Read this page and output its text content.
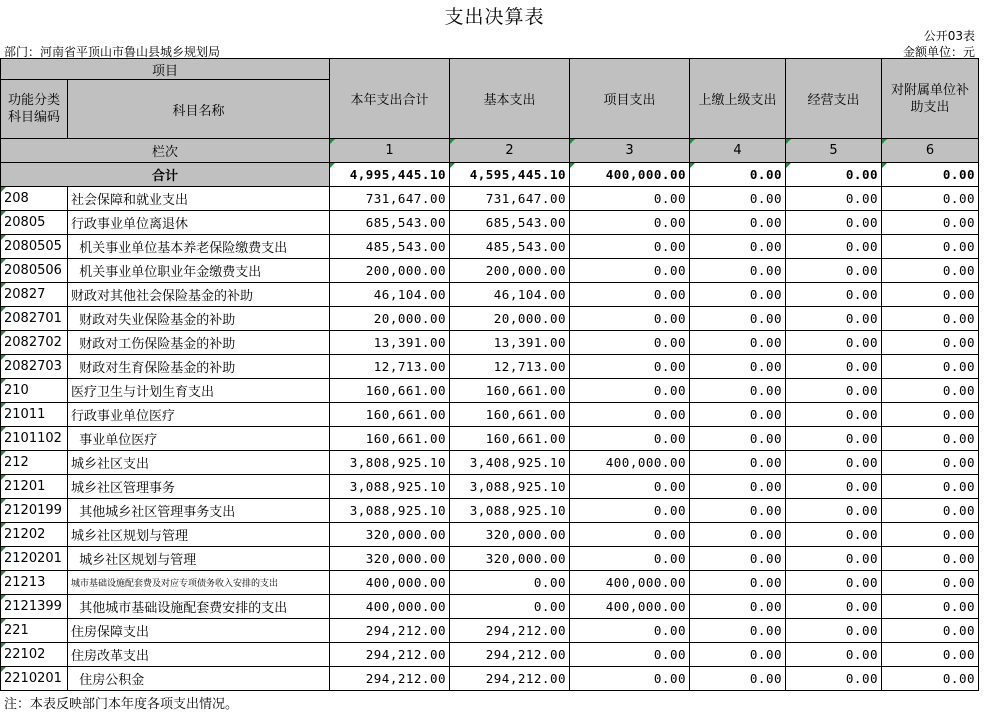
支出决算表
公开03表
部门：河南省平顶山市鲁山县城乡规划局	金额单位：元
项目		本年支出合计	基本支出	项目支出	上缴上级支出	经营支出	对附属单位补助支出
功能分类科目编码	科目名称						
栏次		1	2	3	4	5	6
合计		4,995,445.10	4,595,445.10	400,000.00	0.00	0.00	0.00
208	社会保障和就业支出	731,647.00	731,647.00	0.00	0.00	0.00	0.00
20805	行政事业单位离退休	685,543.00	685,543.00	0.00	0.00	0.00	0.00
2080505	机关事业单位基本养老保险缴费支出	485,543.00	485,543.00	0.00	0.00	0.00	0.00
2080506	机关事业单位职业年金缴费支出	200,000.00	200,000.00	0.00	0.00	0.00	0.00
20827	财政对其他社会保险基金的补助	46,104.00	46,104.00	0.00	0.00	0.00	0.00
2082701	财政对失业保险基金的补助	20,000.00	20,000.00	0.00	0.00	0.00	0.00
2082702	财政对工伤保险基金的补助	13,391.00	13,391.00	0.00	0.00	0.00	0.00
2082703	财政对生育保险基金的补助	12,713.00	12,713.00	0.00	0.00	0.00	0.00
210	医疗卫生与计划生育支出	160,661.00	160,661.00	0.00	0.00	0.00	0.00
21011	行政事业单位医疗	160,661.00	160,661.00	0.00	0.00	0.00	0.00
2101102	事业单位医疗	160,661.00	160,661.00	0.00	0.00	0.00	0.00
212	城乡社区支出	3,808,925.10	3,408,925.10	400,000.00	0.00	0.00	0.00
21201	城乡社区管理事务	3,088,925.10	3,088,925.10	0.00	0.00	0.00	0.00
2120199	其他城乡社区管理事务支出	3,088,925.10	3,088,925.10	0.00	0.00	0.00	0.00
21202	城乡社区规划与管理	320,000.00	320,000.00	0.00	0.00	0.00	0.00
2120201	城乡社区规划与管理	320,000.00	320,000.00	0.00	0.00	0.00	0.00
21213	城市基础设施配套费及对应专项债务收入安排的支出	400,000.00	0.00	400,000.00	0.00	0.00	0.00
2121399	其他城市基础设施配套费安排的支出	400,000.00	0.00	400,000.00	0.00	0.00	0.00
221	住房保障支出	294,212.00	294,212.00	0.00	0.00	0.00	0.00
22102	住房改革支出	294,212.00	294,212.00	0.00	0.00	0.00	0.00
2210201	住房公积金	294,212.00	294,212.00	0.00	0.00	0.00	0.00
注：本表反映部门本年度各项支出情况。
